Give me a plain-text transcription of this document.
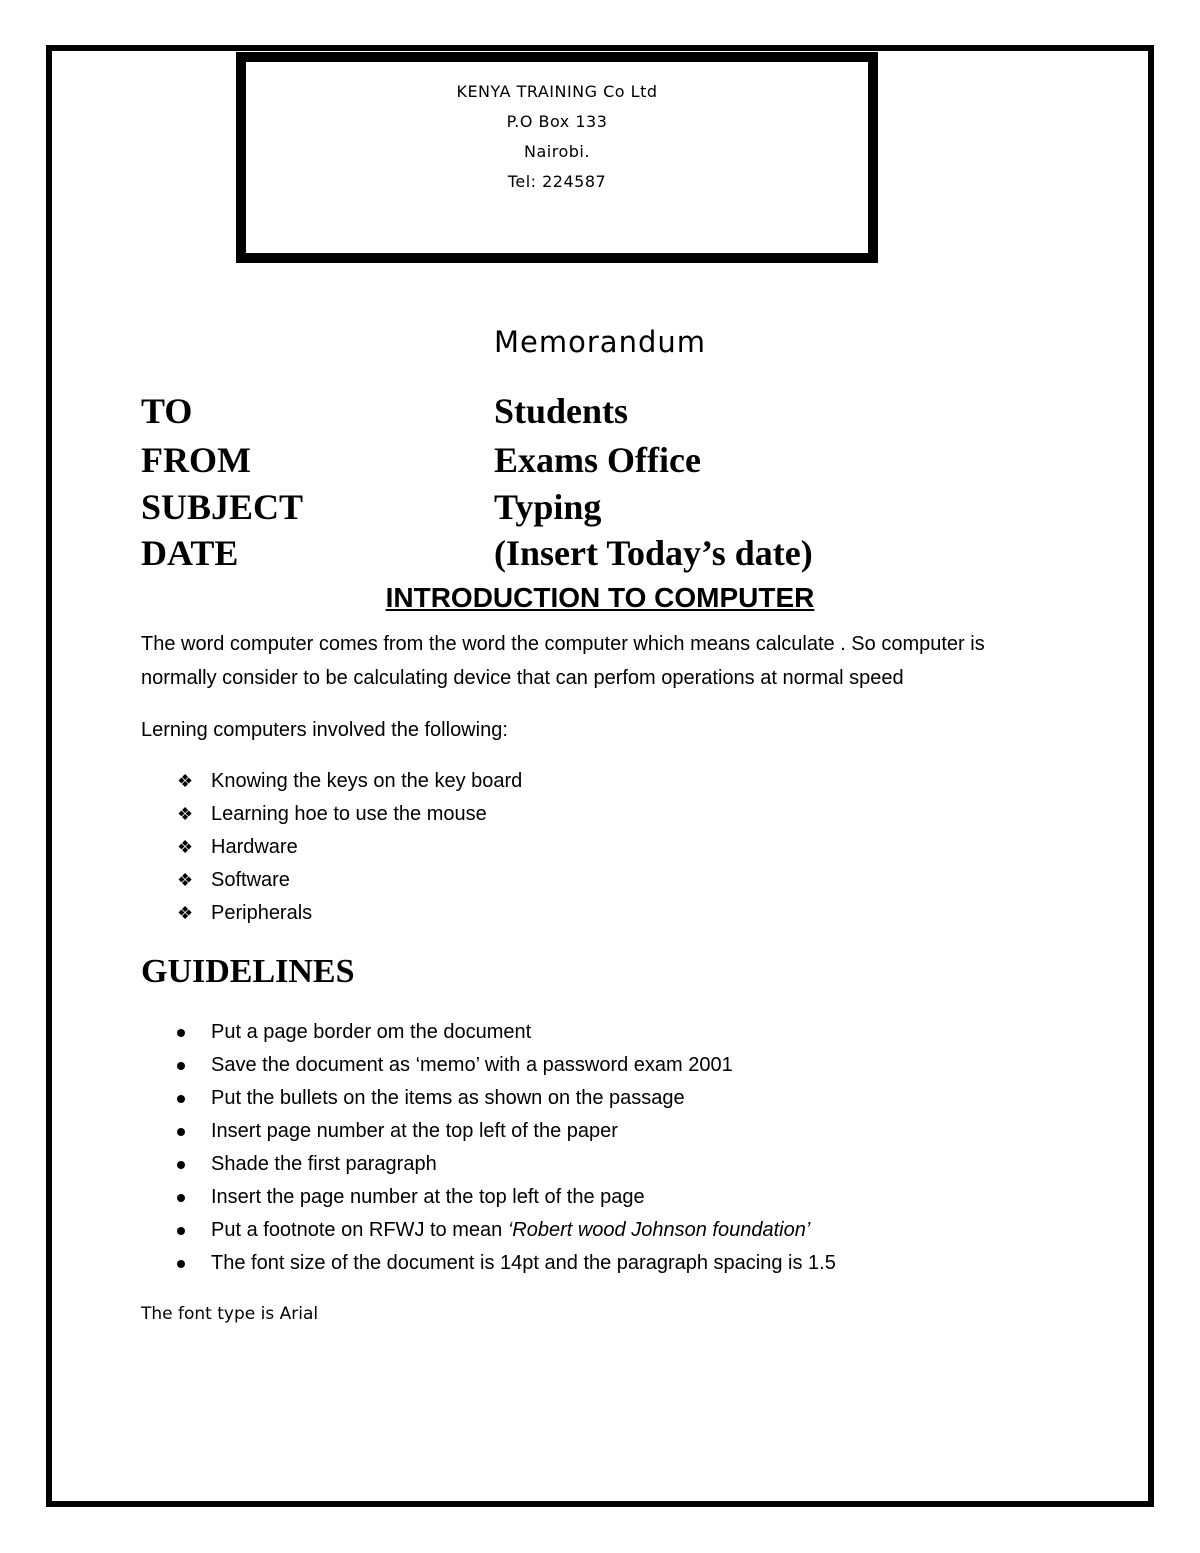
KENYA TRAINING Co Ltd
P.O Box 133
Nairobi.
Tel: 224587
Memorandum
TO	Students
FROM	Exams Office
SUBJECT	Typing
DATE	(Insert Today’s date)
INTRODUCTION TO COMPUTER
The word computer comes from the word the computer which means calculate . So computer is
normally consider to be calculating device that can perfom operations at normal speed
Lerning computers involved the following:
❖ Knowing the keys on the key board
❖ Learning hoe to use the mouse
❖ Hardware
❖ Software
❖ Peripherals
GUIDELINES
Put a page border om the document
Save the document as ‘memo’ with a password exam 2001
Put the bullets on the items as shown on the passage
Insert page number at the top left of the paper
Shade the first paragraph
Insert the page number at the top left of the page
Put a footnote on RFWJ to mean ‘Robert wood Johnson foundation’
The font size of the document is 14pt and the paragraph spacing is 1.5
The font type is Arial
